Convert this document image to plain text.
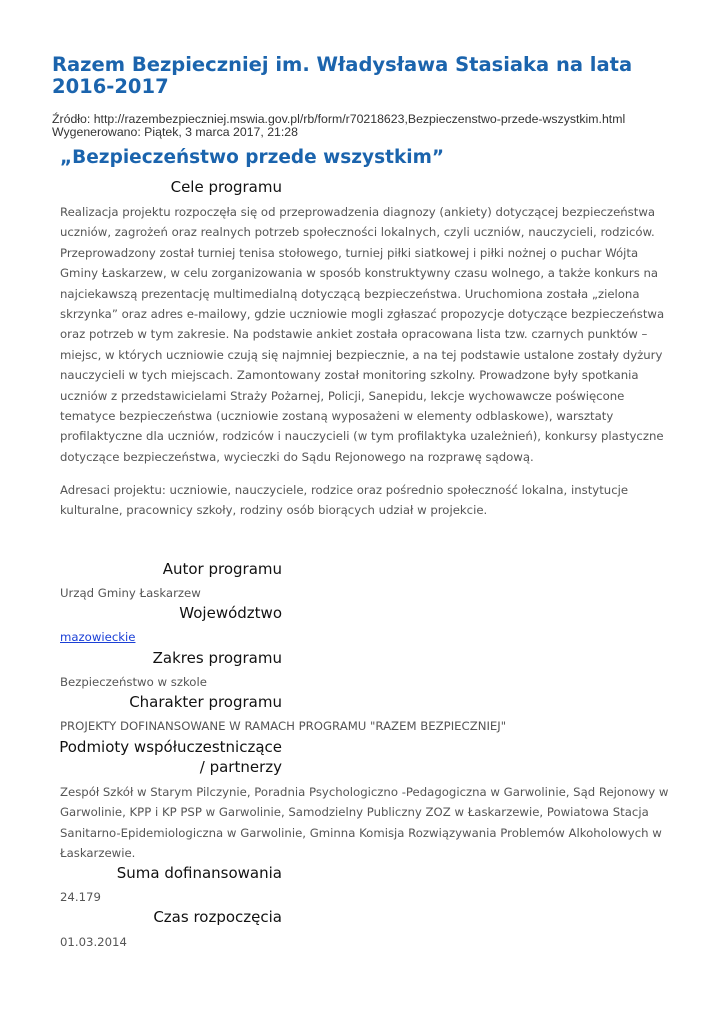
Razem Bezpieczniej im. Władysława Stasiaka na lata 2016-2017
Źródło: http://razembezpieczniej.mswia.gov.pl/rb/form/r70218623,Bezpieczenstwo-przede-wszystkim.html
Wygenerowano: Piątek, 3 marca 2017, 21:28
„Bezpieczeństwo przede wszystkim”
Cele programu

Realizacja projektu rozpoczęła się od przeprowadzenia diagnozy (ankiety) dotyczącej bezpieczeństwa uczniów, zagrożeń oraz realnych potrzeb społeczności lokalnych, czyli uczniów, nauczycieli, rodziców. Przeprowadzony został turniej tenisa stołowego, turniej piłki siatkowej i piłki nożnej o puchar Wójta Gminy Łaskarzew, w celu zorganizowania w sposób konstruktywny czasu wolnego, a także konkurs na najciekawszą prezentację multimedialną dotyczącą bezpieczeństwa. Uruchomiona została „zielona skrzynka” oraz adres e-mailowy, gdzie uczniowie mogli zgłaszać propozycje dotyczące bezpieczeństwa oraz potrzeb w tym zakresie. Na podstawie ankiet została opracowana lista tzw. czarnych punktów – miejsc, w których uczniowie czują się najmniej bezpiecznie, a na tej podstawie ustalone zostały dyżury nauczycieli w tych miejscach. Zamontowany został monitoring szkolny. Prowadzone były spotkania uczniów z przedstawicielami Straży Pożarnej, Policji, Sanepidu, lekcje wychowawcze poświęcone tematyce bezpieczeństwa (uczniowie zostaną wyposażeni w elementy odblaskowe), warsztaty profilaktyczne dla uczniów, rodziców i nauczycieli (w tym profilaktyka uzależnień), konkursy plastyczne dotyczące bezpieczeństwa, wycieczki do Sądu Rejonowego na rozprawę sądową.

Adresaci projektu: uczniowie, nauczyciele, rodzice oraz pośrednio społeczność lokalna, instytucje kulturalne, pracownicy szkoły, rodziny osób biorących udział w projekcie.

Autor programu
Urząd Gminy Łaskarzew
Województwo
mazowieckie
Zakres programu
Bezpieczeństwo w szkole
Charakter programu
PROJEKTY DOFINANSOWANE W RAMACH PROGRAMU "RAZEM BEZPIECZNIEJ"
Podmioty współuczestniczące
/ partnerzy

Zespół Szkół w Starym Pilczynie, Poradnia Psychologiczno -Pedagogiczna w Garwolinie, Sąd Rejonowy w Garwolinie, KPP i KP PSP w Garwolinie, Samodzielny Publiczny ZOZ w Łaskarzewie, Powiatowa Stacja Sanitarno-Epidemiologiczna w Garwolinie, Gminna Komisja Rozwiązywania Problemów Alkoholowych w Łaskarzewie.

Suma dofinansowania
24.179
Czas rozpoczęcia
01.03.2014
